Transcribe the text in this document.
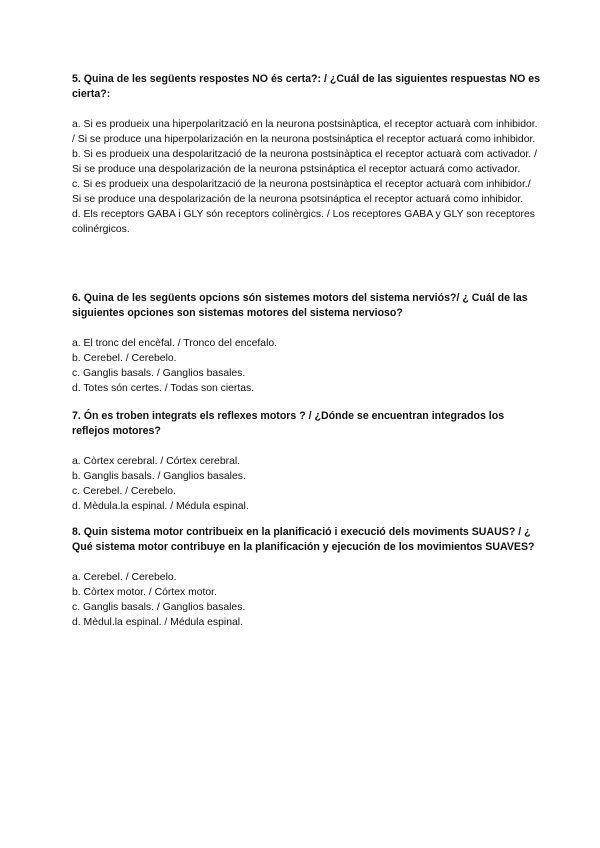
5. Quina de les següents respostes NO és certa?: / ¿Cuál de las siguientes respuestas NO es cierta?:

a. Si es produeix una hiperpolarització en la neurona postsinàptica, el receptor actuarà com inhibidor. / Si se produce una hiperpolarización en la neurona postsináptica el receptor actuará como inhibidor.

b. Si es produeix una despolarització de la neurona postsinàptica el receptor actuarà com activador. / Si se produce una despolarización de la neurona pstsináptica el receptor actuará como activador.

c. Si es produeix una despolarització de la neurona postsinàptica el receptor actuarà com inhibidor./ Si se produce una despolarización de la neurona psotsináptica el receptor actuará como inhibidor.

d. Els receptors GABA i GLY són receptors colinèrgics. / Los receptores GABA y GLY son receptores colinérgicos.

6. Quina de les següents opcions són sistemes motors del sistema nerviós?/ ¿ Cuál de las siguientes opciones son sistemas motores del sistema nervioso?

a. El tronc del encèfal. / Tronco del encefalo.

b. Cerebel. / Cerebelo.

c. Ganglis basals. / Ganglios basales.

d. Totes són certes. / Todas son ciertas.

7. Ón es troben integrats els reflexes motors ? / ¿Dónde se encuentran integrados los reflejos motores?

a. Còrtex cerebral. / Córtex cerebral.

b. Ganglis basals. / Ganglios basales.

c. Cerebel. / Cerebelo.

d. Mèdula.la espinal. / Médula espinal.

8. Quin sistema motor contribueix en la planificació i execució dels moviments SUAUS? / ¿ Qué sistema motor contribuye en la planificación y ejecución de los movimientos SUAVES?

a. Cerebel. / Cerebelo.

b. Còrtex motor. / Córtex motor.

c. Ganglis basals. / Ganglios basales.

d. Mèdul.la espinal. / Médula espinal.
